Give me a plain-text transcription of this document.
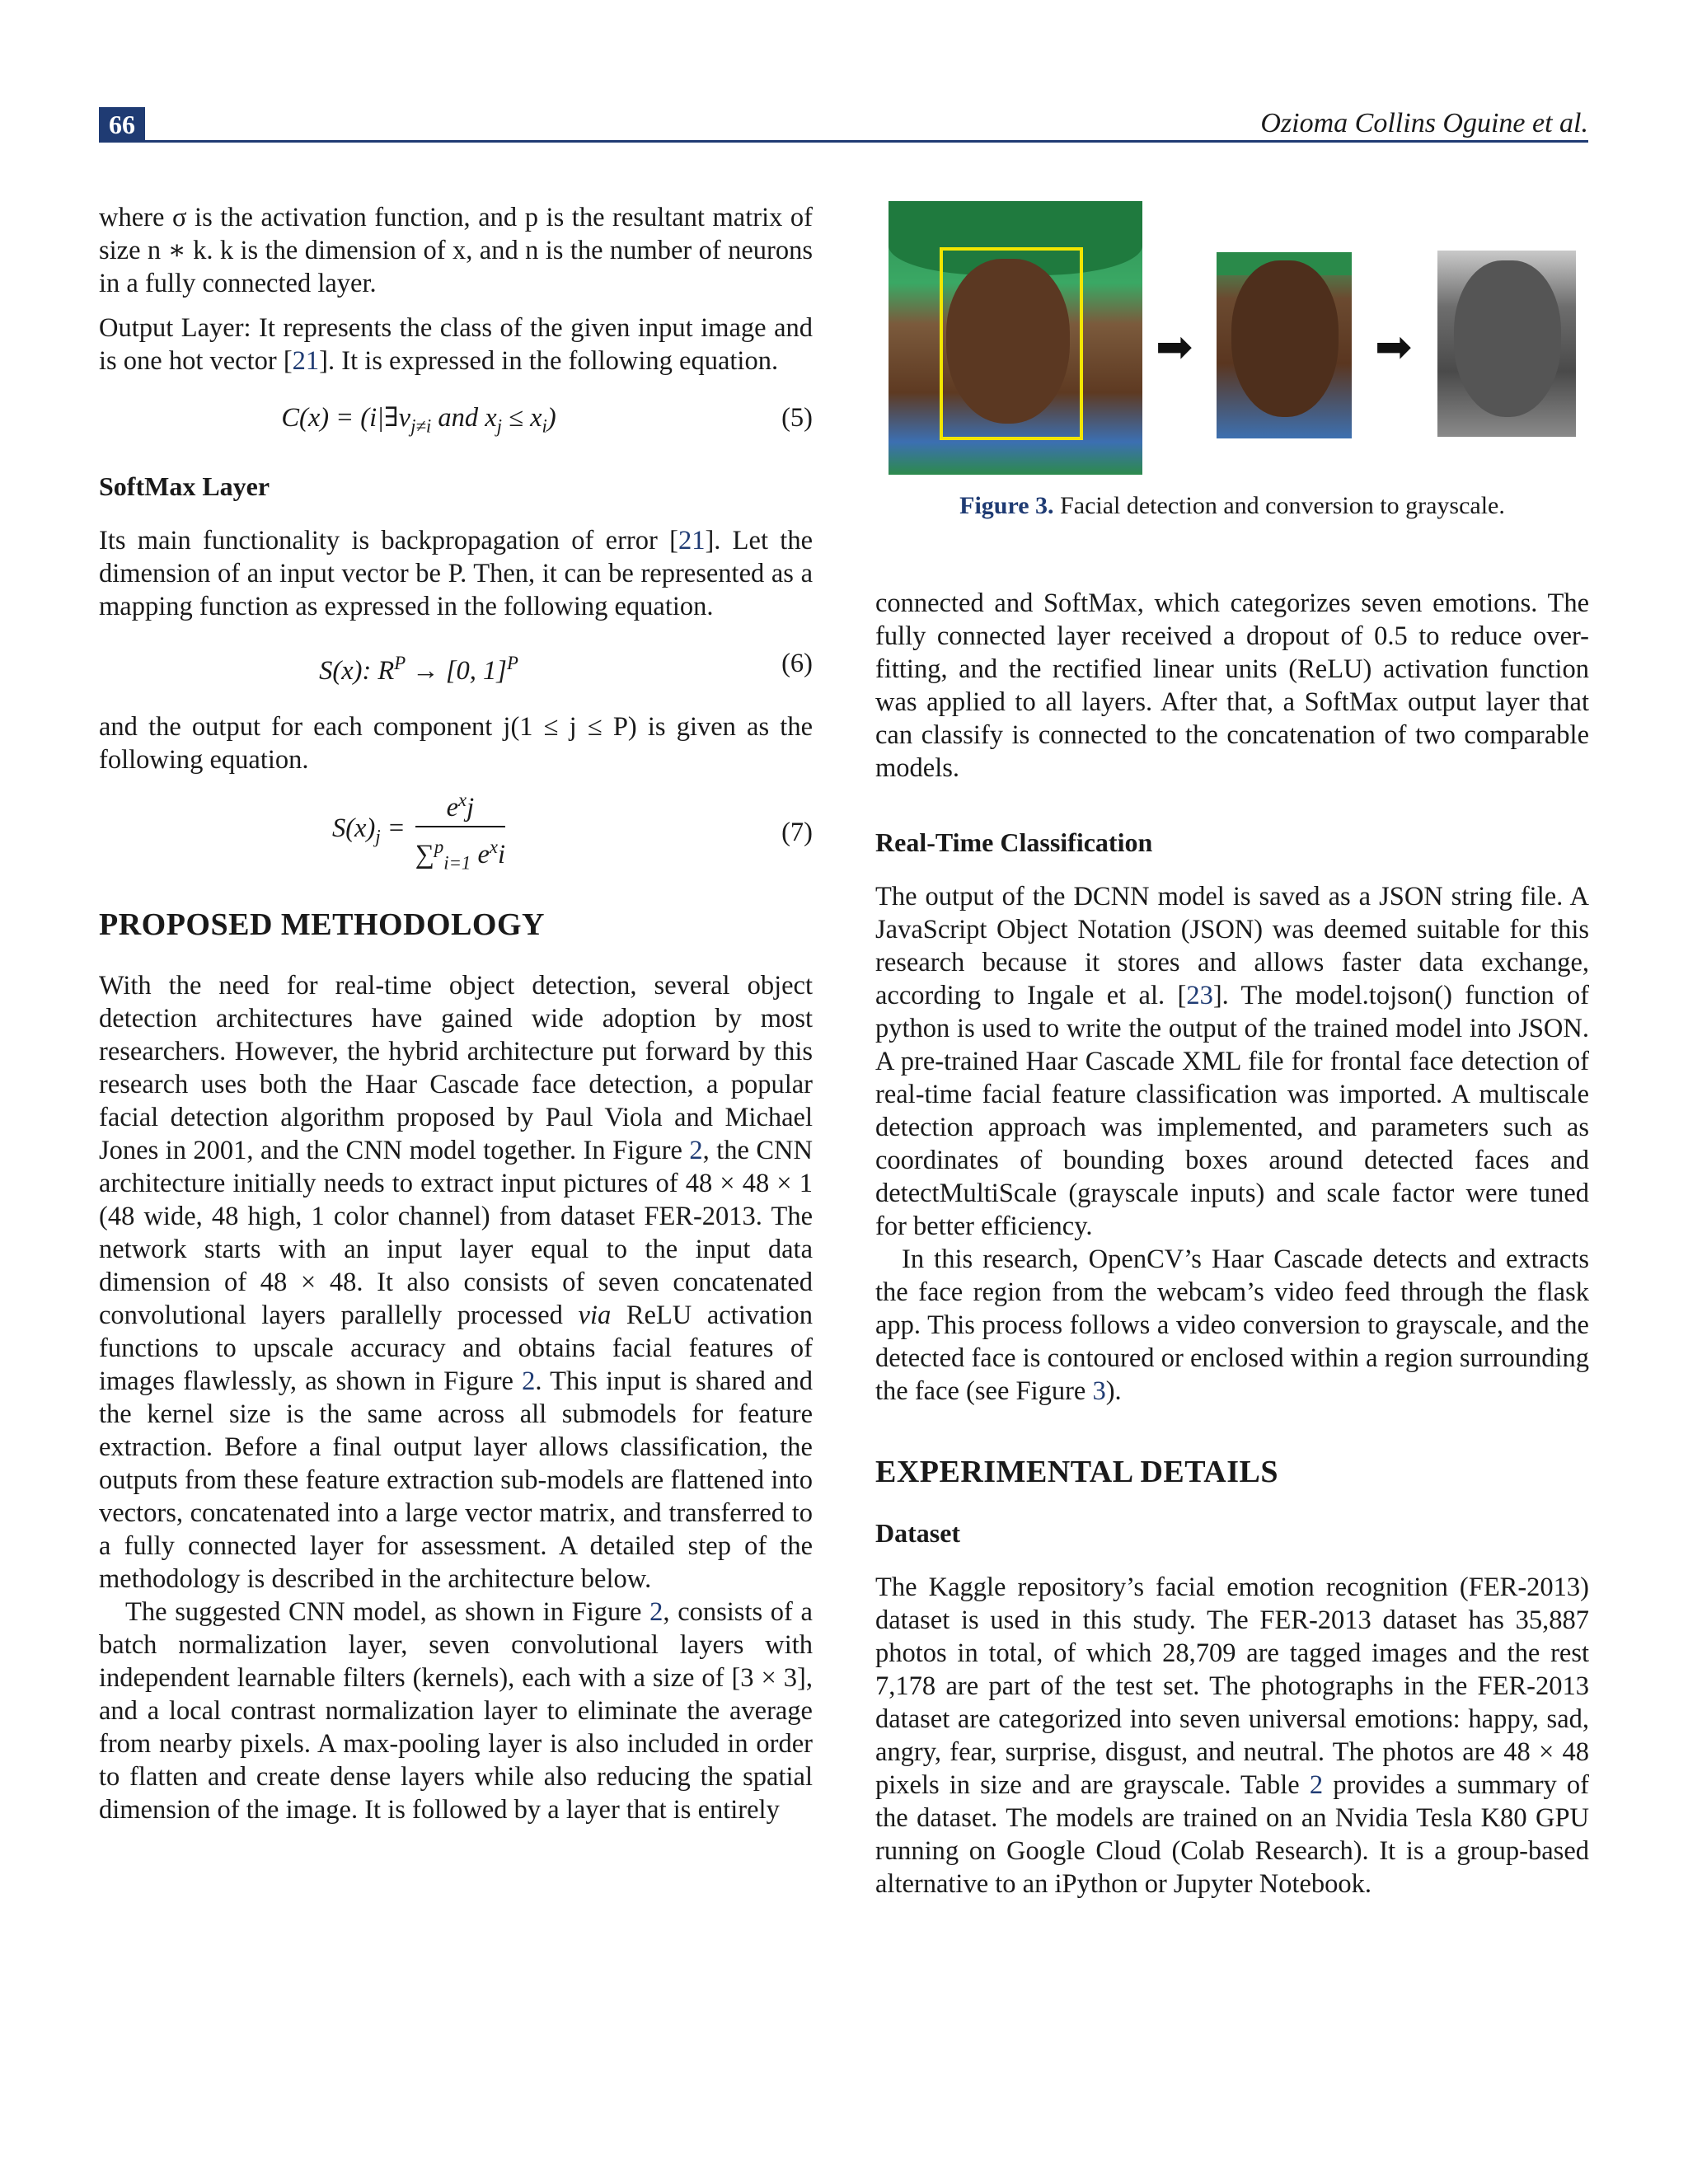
66	Ozioma Collins Oguine et al.

where σ is the activation function, and p is the resultant matrix of size n ∗ k. k is the dimension of x, and n is the number of neurons in a fully connected layer.

Output Layer: It represents the class of the given input image and is one hot vector [21]. It is expressed in the following equation.

$C(x) = (i|\exists v_{j\ne i}$ and $x_j \le x_i$)	(5)
SoftMax Layer

Its main functionality is backpropagation of error [21]. Let the dimension of an input vector be P. Then, it can be represented as a mapping function as expressed in the following equation.

S(x): $R^P \to [0$, 1]$^P$	(6)

and the output for each component j(1 ≤ j ≤ P) is given as the following equation.

$S(x)_j = \frac{e^xj}{\sum^p_{i=1} e^xi}$	(7)
PROPOSED METHODOLOGY

With the need for real-time object detection, several object detection architectures have gained wide adoption by most researchers. However, the hybrid architecture put forward by this research uses both the Haar Cascade face detection, a popular facial detection algorithm proposed by Paul Viola and Michael Jones in 2001, and the CNN model together. In Figure 2, the CNN architecture initially needs to extract input pictures of 48 × 48 × 1 (48 wide, 48 high, 1 color channel) from dataset FER-2013. The network starts with an input layer equal to the input data dimension of 48 × 48. It also consists of seven concatenated convolutional layers parallelly processed via ReLU activation functions to upscale accuracy and obtains facial features of images flawlessly, as shown in Figure 2. This input is shared and the kernel size is the same across all submodels for feature extraction. Before a final output layer allows classification, the outputs from these feature extraction sub-models are flattened into vectors, concatenated into a large vector matrix, and transferred to a fully connected layer for assessment. A detailed step of the methodology is described in the architecture below.

The suggested CNN model, as shown in Figure 2, consists of a batch normalization layer, seven convolutional layers with independent learnable filters (kernels), each with a size of [3 × 3], and a local contrast normalization layer to eliminate the average from nearby pixels. A max-pooling layer is also included in order to flatten and create dense layers while also reducing the spatial dimension of the image. It is followed by a layer that is entirely

➡	➡
Figure 3. Facial detection and conversion to grayscale.

connected and SoftMax, which categorizes seven emotions. The fully connected layer received a dropout of 0.5 to reduce over-fitting, and the rectified linear units (ReLU) activation function was applied to all layers. After that, a SoftMax output layer that can classify is connected to the concatenation of two comparable models.

Real-Time Classification

The output of the DCNN model is saved as a JSON string file. A JavaScript Object Notation (JSON) was deemed suitable for this research because it stores and allows faster data exchange, according to Ingale et al. [23]. The model.tojson() function of python is used to write the output of the trained model into JSON. A pre-trained Haar Cascade XML file for frontal face detection of real-time facial feature classification was imported. A multiscale detection approach was implemented, and parameters such as coordinates of bounding boxes around detected faces and detectMultiScale (grayscale inputs) and scale factor were tuned for better efficiency.

In this research, OpenCV’s Haar Cascade detects and extracts the face region from the webcam’s video feed through the flask app. This process follows a video conversion to grayscale, and the detected face is contoured or enclosed within a region surrounding the face (see Figure 3).

EXPERIMENTAL DETAILS
Dataset

The Kaggle repository’s facial emotion recognition (FER-2013) dataset is used in this study. The FER-2013 dataset has 35,887 photos in total, of which 28,709 are tagged images and the rest 7,178 are part of the test set. The photographs in the FER-2013 dataset are categorized into seven universal emotions: happy, sad, angry, fear, surprise, disgust, and neutral. The photos are 48 × 48 pixels in size and are grayscale. Table 2 provides a summary of the dataset. The models are trained on an Nvidia Tesla K80 GPU running on Google Cloud (Colab Research). It is a group-based alternative to an iPython or Jupyter Notebook.
